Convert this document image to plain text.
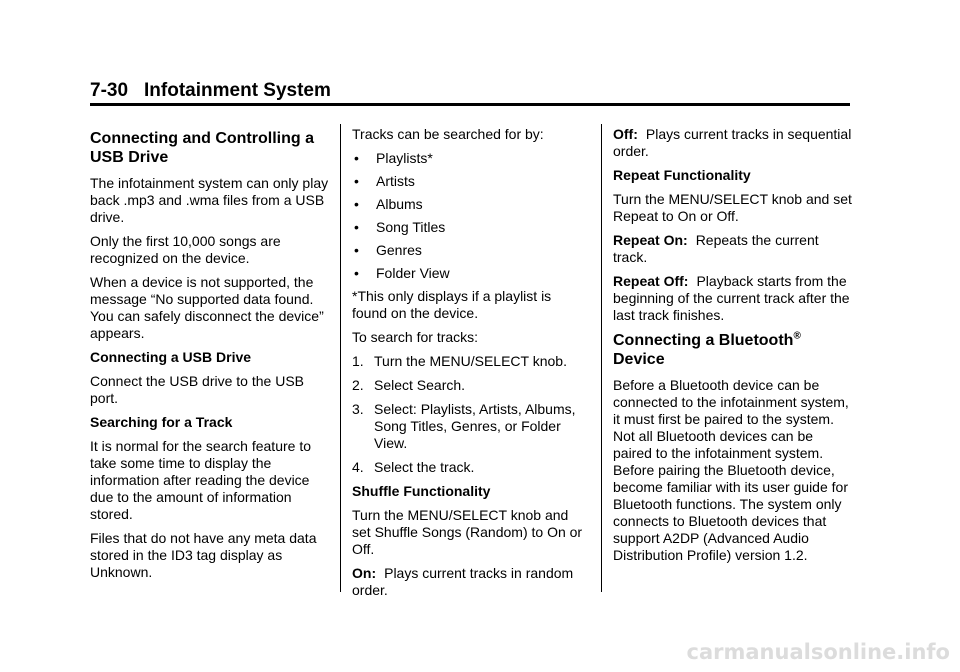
7-30 Infotainment System
Connecting and Controlling a USB Drive

The infotainment system can only play back .mp3 and .wma files from a USB drive.

Only the first 10,000 songs are recognized on the device.

When a device is not supported, the message “No supported data found. You can safely disconnect the device” appears.

Connecting a USB Drive

Connect the USB drive to the USB port.

Searching for a Track

It is normal for the search feature to take some time to display the information after reading the device due to the amount of information stored.

Files that do not have any meta data stored in the ID3 tag display as Unknown.

Tracks can be searched for by:

•	Playlists*
•	Artists
•	Albums
•	Song Titles
•	Genres
•	Folder View

*This only displays if a playlist is found on the device.

To search for tracks:

1. Turn the MENU/SELECT knob.
2. Select Search.
3. Select: Playlists, Artists, Albums, Song Titles, Genres, or Folder View.
4. Select the track.

Shuffle Functionality

Turn the MENU/SELECT knob and set Shuffle Songs (Random) to On or Off.

On: Plays current tracks in random order.

Off: Plays current tracks in sequential order.

Repeat Functionality

Turn the MENU/SELECT knob and set Repeat to On or Off.

Repeat On: Repeats the current track.

Repeat Off: Playback starts from the beginning of the current track after the last track finishes.

Connecting a Bluetooth®
Device

Before a Bluetooth device can be connected to the infotainment system, it must first be paired to the system. Not all Bluetooth devices can be paired to the infotainment system. Before pairing the Bluetooth device, become familiar with its user guide for Bluetooth functions. The system only connects to Bluetooth devices that support A2DP (Advanced Audio Distribution Profile) version 1.2.

carmanualsonline.info
